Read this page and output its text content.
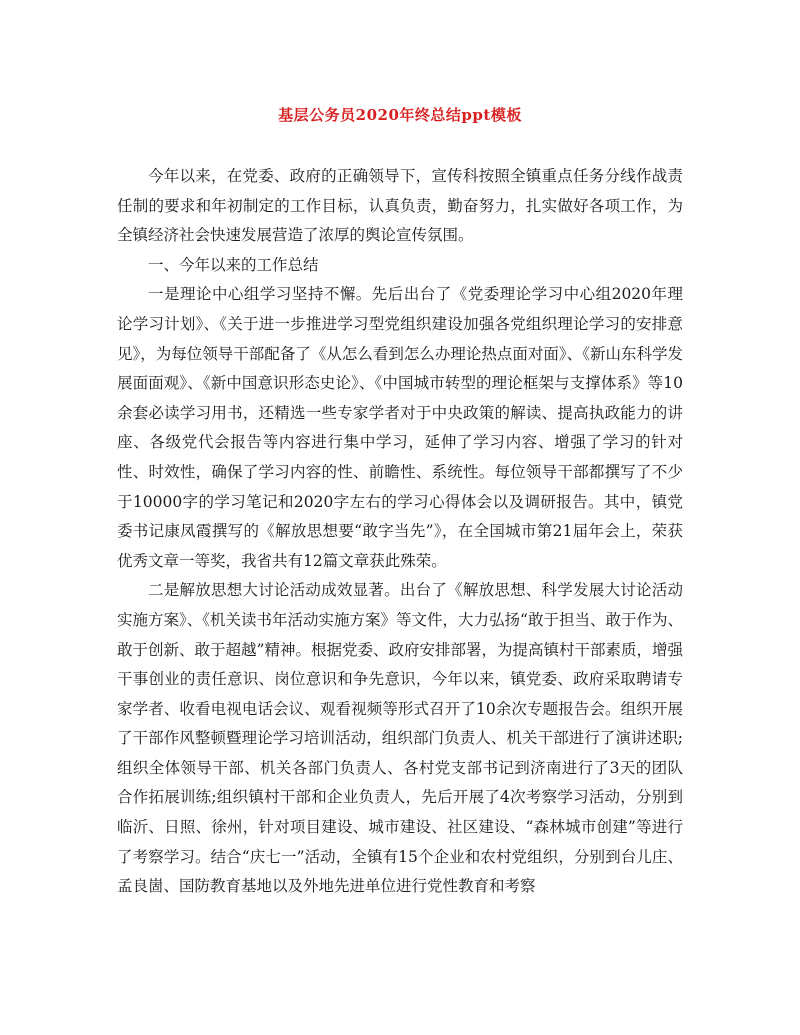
基层公务员2020年终总结ppt模板

今年以来，在党委、政府的正确领导下，宣传科按照全镇重点任务分线作战责任制的要求和年初制定的工作目标，认真负责，勤奋努力，扎实做好各项工作，为全镇经济社会快速发展营造了浓厚的舆论宣传氛围。

一、今年以来的工作总结

一是理论中心组学习坚持不懈。先后出台了《党委理论学习中心组2020年理论学习计划》、《关于进一步推进学习型党组织建设加强各党组织理论学习的安排意见》，为每位领导干部配备了《从怎么看到怎么办理论热点面对面》、《新山东科学发展面面观》、《新中国意识形态史论》、《中国城市转型的理论框架与支撑体系》等10余套必读学习用书，还精选一些专家学者对于中央政策的解读、提高执政能力的讲座、各级党代会报告等内容进行集中学习，延伸了学习内容、增强了学习的针对性、时效性，确保了学习内容的性、前瞻性、系统性。每位领导干部都撰写了不少于10000字的学习笔记和2020字左右的学习心得体会以及调研报告。其中，镇党委书记康凤霞撰写的《解放思想要“敢字当先”》，在全国城市第21届年会上，荣获优秀文章一等奖，我省共有12篇文章获此殊荣。

二是解放思想大讨论活动成效显著。出台了《解放思想、科学发展大讨论活动实施方案》、《机关读书年活动实施方案》等文件，大力弘扬“敢于担当、敢于作为、敢于创新、敢于超越”精神。根据党委、政府安排部署，为提高镇村干部素质，增强干事创业的责任意识、岗位意识和争先意识，今年以来，镇党委、政府采取聘请专家学者、收看电视电话会议、观看视频等形式召开了10余次专题报告会。组织开展了干部作风整顿暨理论学习培训活动，组织部门负责人、机关干部进行了演讲述职;组织全体领导干部、机关各部门负责人、各村党支部书记到济南进行了3天的团队合作拓展训练;组织镇村干部和企业负责人，先后开展了4次考察学习活动，分别到临沂、日照、徐州，针对项目建设、城市建设、社区建设、“森林城市创建”等进行了考察学习。结合“庆七一”活动，全镇有15个企业和农村党组织，分别到台儿庄、孟良崮、国防教育基地以及外地先进单位进行党性教育和考察
